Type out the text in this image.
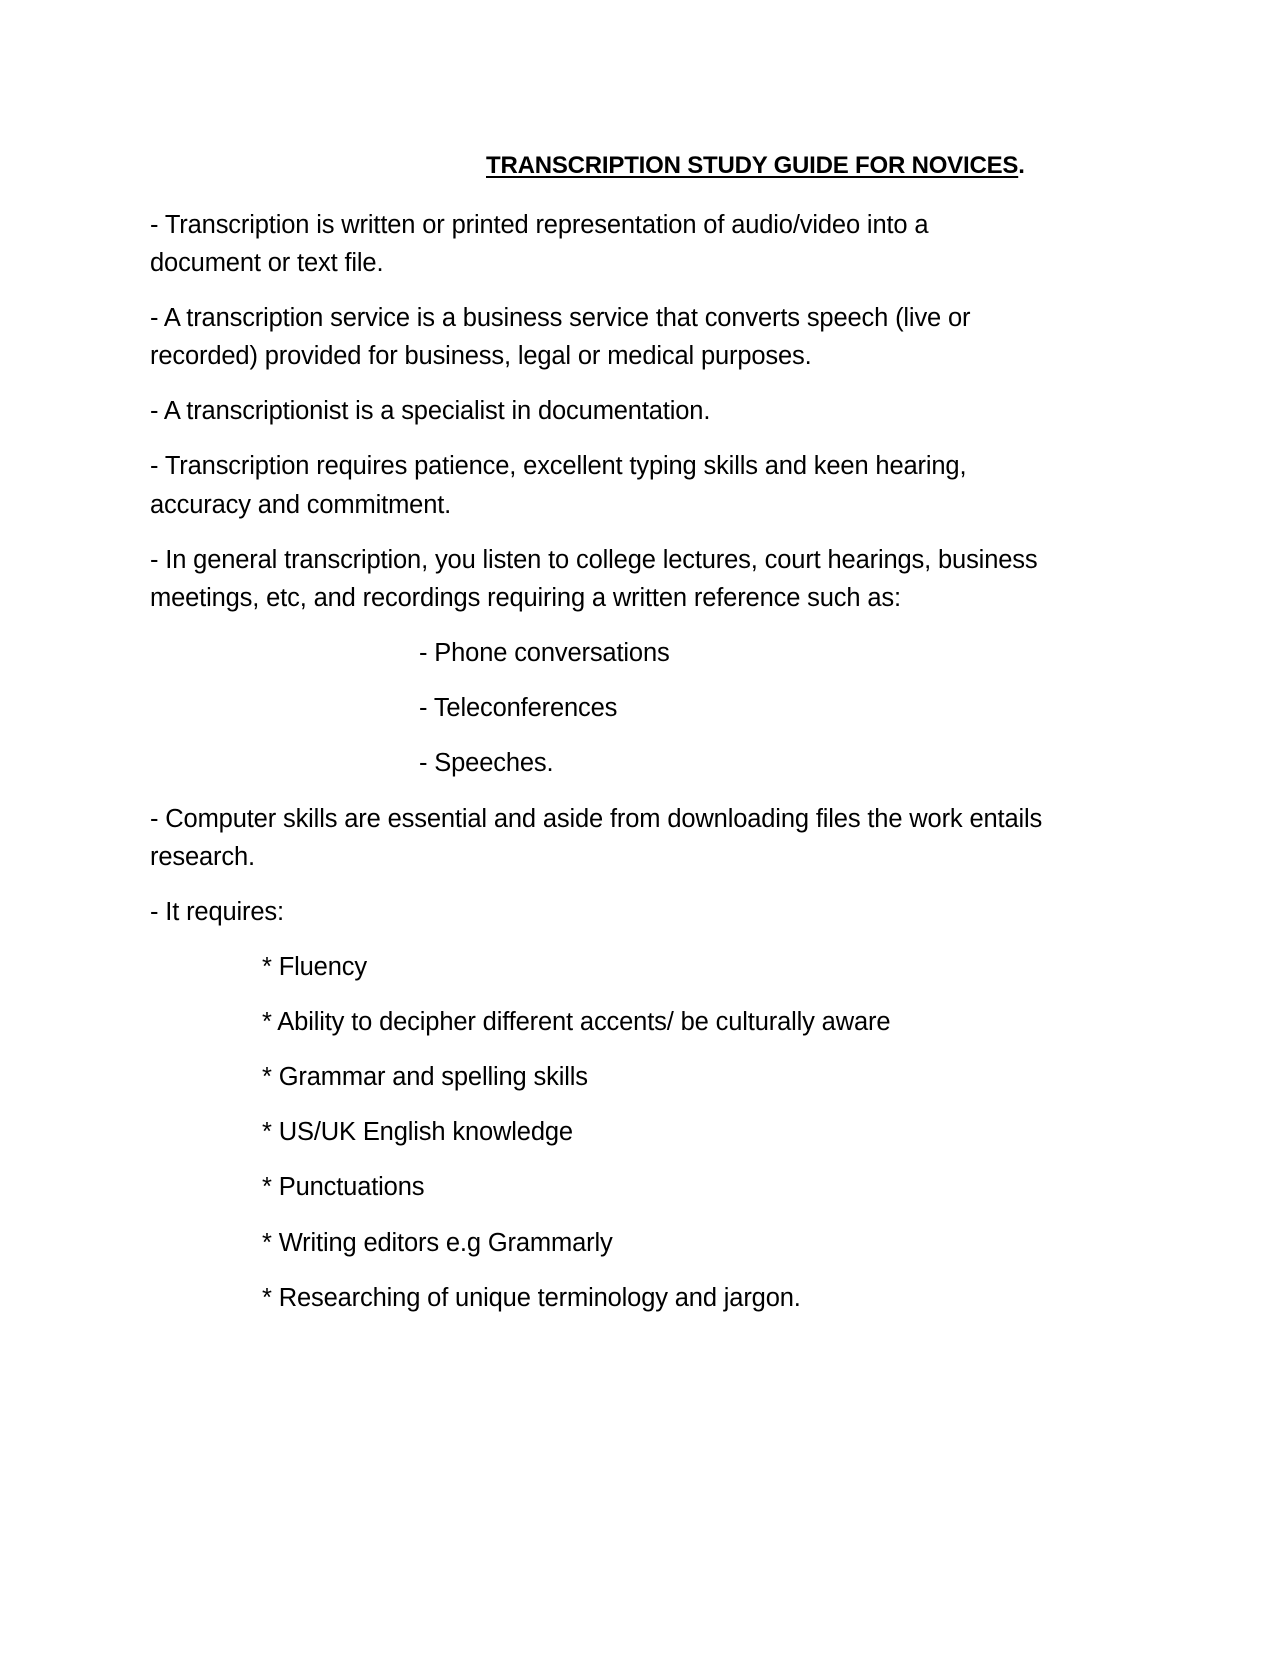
TRANSCRIPTION STUDY GUIDE FOR NOVICES.
- Transcription is written or printed representation of audio/video into a
document or text file.
- A transcription service is a business service that converts speech (live or
recorded) provided for business, legal or medical purposes.
- A transcriptionist is a specialist in documentation.
- Transcription requires patience, excellent typing skills and keen hearing,
accuracy and commitment.
- In general transcription, you listen to college lectures, court hearings, business
meetings, etc, and recordings requiring a written reference such as:
- Phone conversations
- Teleconferences
- Speeches.
- Computer skills are essential and aside from downloading files the work entails
research.
- It requires:
* Fluency
* Ability to decipher different accents/ be culturally aware
* Grammar and spelling skills
* US/UK English knowledge
* Punctuations
* Writing editors e.g Grammarly
* Researching of unique terminology and jargon.
